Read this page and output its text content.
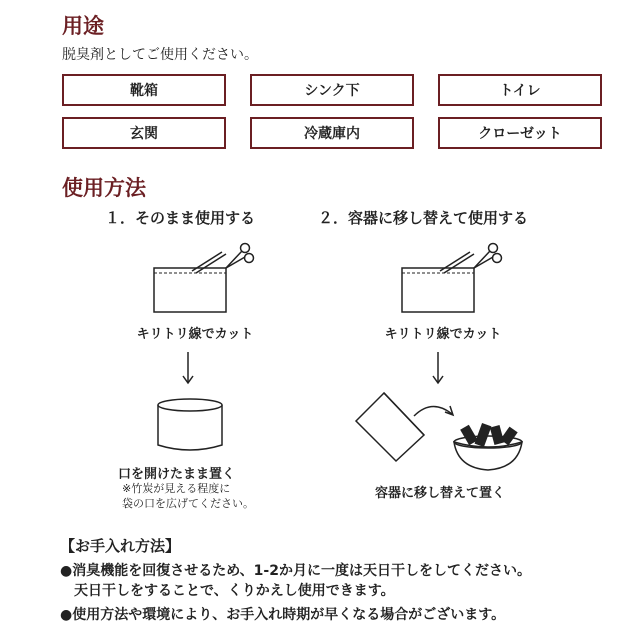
用途
脱臭剤としてご使用ください。
靴箱	シンク下	トイレ
玄関	冷蔵庫内	クローゼット
使用方法
１．そのまま使用する	２．容器に移し替えて使用する
キリトリ線でカット	キリトリ線でカット
口を開けたまま置く
※竹炭が見える程度に
袋の口を広げてください。
容器に移し替えて置く
【お手入れ方法】
●消臭機能を回復させるため、1-2か月に一度は天日干しをしてください。
天日干しをすることで、くりかえし使用できます。
●使用方法や環境により、お手入れ時期が早くなる場合がございます。
